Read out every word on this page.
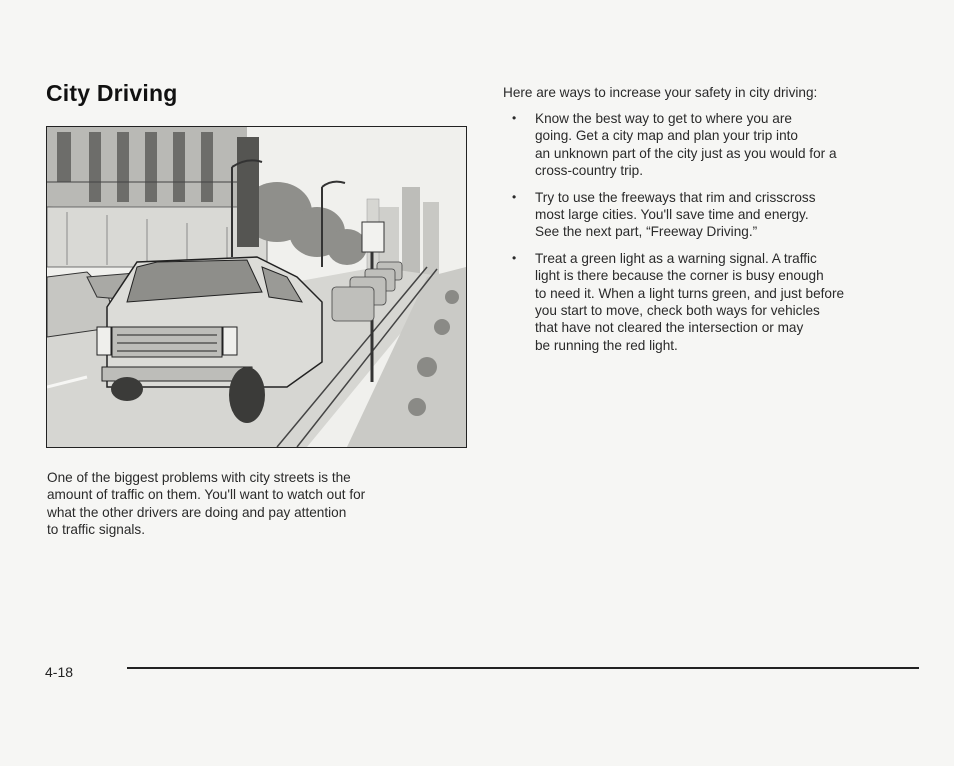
City Driving
One of the biggest problems with city streets is the
amount of traffic on them. You'll want to watch out for
what the other drivers are doing and pay attention
to traffic signals.
Here are ways to increase your safety in city driving:
• Know the best way to get to where you are
going. Get a city map and plan your trip into
an unknown part of the city just as you would for a
cross-country trip.
• Try to use the freeways that rim and crisscross
most large cities. You'll save time and energy.
See the next part, “Freeway Driving.”
• Treat a green light as a warning signal. A traffic
light is there because the corner is busy enough
to need it. When a light turns green, and just before
you start to move, check both ways for vehicles
that have not cleared the intersection or may
be running the red light.
4-18
